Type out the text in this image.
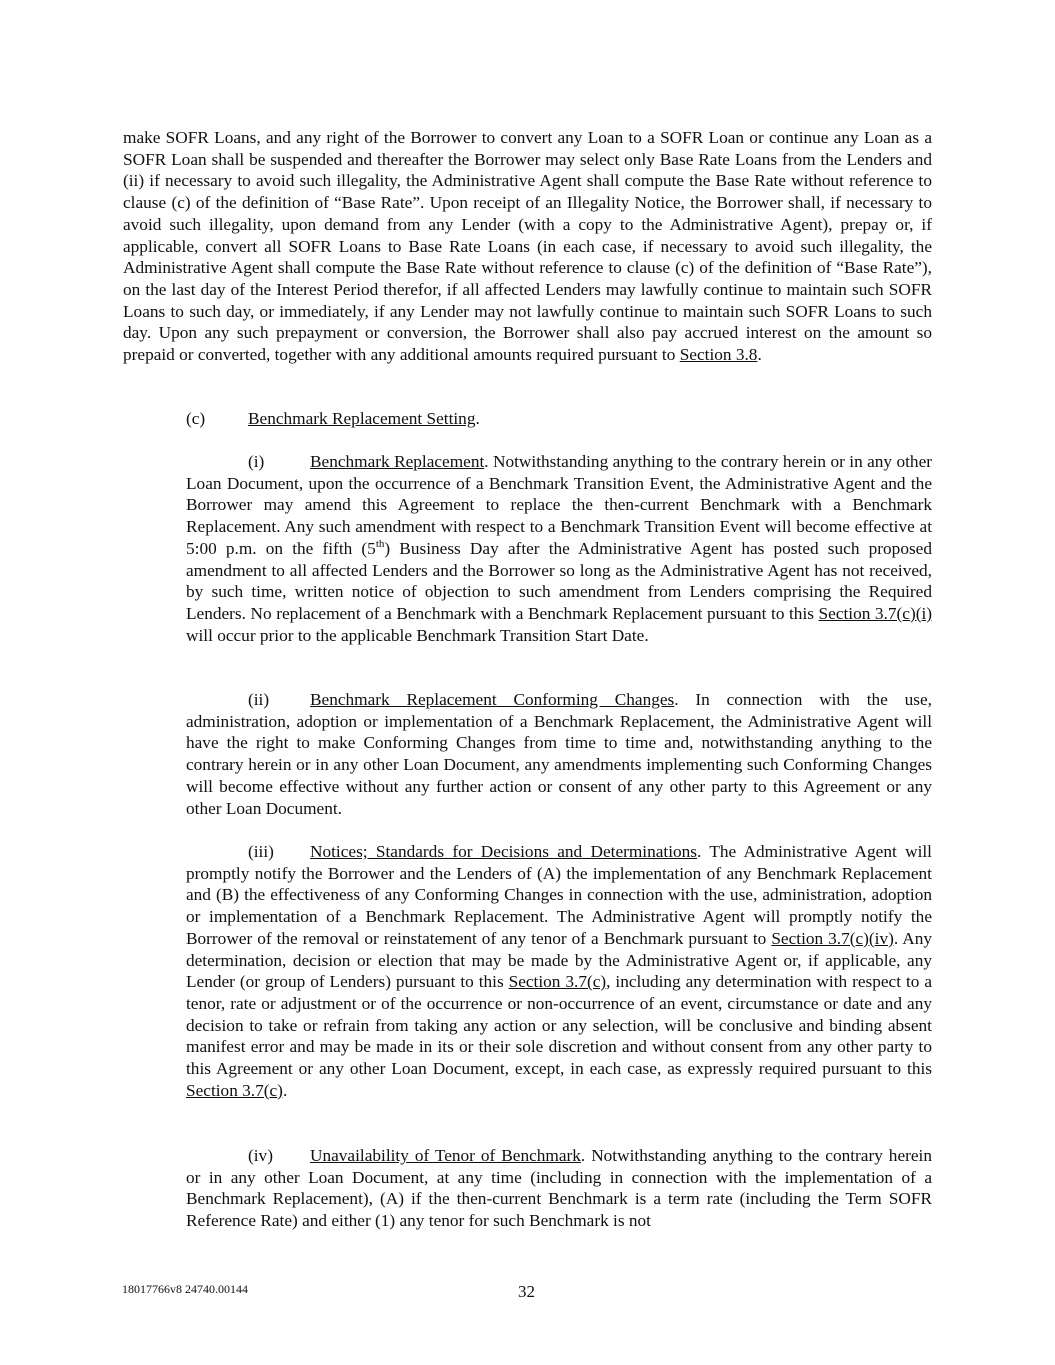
make SOFR Loans, and any right of the Borrower to convert any Loan to a SOFR Loan or continue any Loan as a SOFR Loan shall be suspended and thereafter the Borrower may select only Base Rate Loans from the Lenders and (ii) if necessary to avoid such illegality, the Administrative Agent shall compute the Base Rate without reference to clause (c) of the definition of “Base Rate”. Upon receipt of an Illegality Notice, the Borrower shall, if necessary to avoid such illegality, upon demand from any Lender (with a copy to the Administrative Agent), prepay or, if applicable, convert all SOFR Loans to Base Rate Loans (in each case, if necessary to avoid such illegality, the Administrative Agent shall compute the Base Rate without reference to clause (c) of the definition of “Base Rate”), on the last day of the Interest Period therefor, if all affected Lenders may lawfully continue to maintain such SOFR Loans to such day, or immediately, if any Lender may not lawfully continue to maintain such SOFR Loans to such day. Upon any such prepayment or conversion, the Borrower shall also pay accrued interest on the amount so prepaid or converted, together with any additional amounts required pursuant to Section 3.8.

(c) Benchmark Replacement Setting.

(i)	Benchmark Replacement. Notwithstanding anything to the contrary herein or in any other Loan Document, upon the occurrence of a Benchmark Transition Event, the Administrative Agent and the Borrower may amend this Agreement to replace the then-current Benchmark with a Benchmark Replacement. Any such amendment with respect to a Benchmark Transition Event will become effective at 5:00 p.m. on the fifth (5th) Business Day after the Administrative Agent has posted such proposed amendment to all affected Lenders and the Borrower so long as the Administrative Agent has not received, by such time, written notice of objection to such amendment from Lenders comprising the Required Lenders. No replacement of a Benchmark with a Benchmark Replacement pursuant to this Section 3.7(c)(i) will occur prior to the applicable Benchmark Transition Start Date.

(ii) Benchmark Replacement Conforming Changes. In connection with the use, administration, adoption or implementation of a Benchmark Replacement, the Administrative Agent will have the right to make Conforming Changes from time to time and, notwithstanding anything to the contrary herein or in any other Loan Document, any amendments implementing such Conforming Changes will become effective without any further action or consent of any other party to this Agreement or any other Loan Document.

(iii) Notices; Standards for Decisions and Determinations. The Administrative Agent will promptly notify the Borrower and the Lenders of (A) the implementation of any Benchmark Replacement and (B) the effectiveness of any Conforming Changes in connection with the use, administration, adoption or implementation of a Benchmark Replacement. The Administrative Agent will promptly notify the Borrower of the removal or reinstatement of any tenor of a Benchmark pursuant to Section 3.7(c)(iv). Any determination, decision or election that may be made by the Administrative Agent or, if applicable, any Lender (or group of Lenders) pursuant to this Section 3.7(c), including any determination with respect to a tenor, rate or adjustment or of the occurrence or non-occurrence of an event, circumstance or date and any decision to take or refrain from taking any action or any selection, will be conclusive and binding absent manifest error and may be made in its or their sole discretion and without consent from any other party to this Agreement or any other Loan Document, except, in each case, as expressly required pursuant to this Section 3.7(c).

(iv) Unavailability of Tenor of Benchmark. Notwithstanding anything to the contrary herein or in any other Loan Document, at any time (including in connection with the implementation of a Benchmark Replacement), (A) if the then-current Benchmark is a term rate (including the Term SOFR Reference Rate) and either (1) any tenor for such Benchmark is not

18017766v8 24740.00144	32
